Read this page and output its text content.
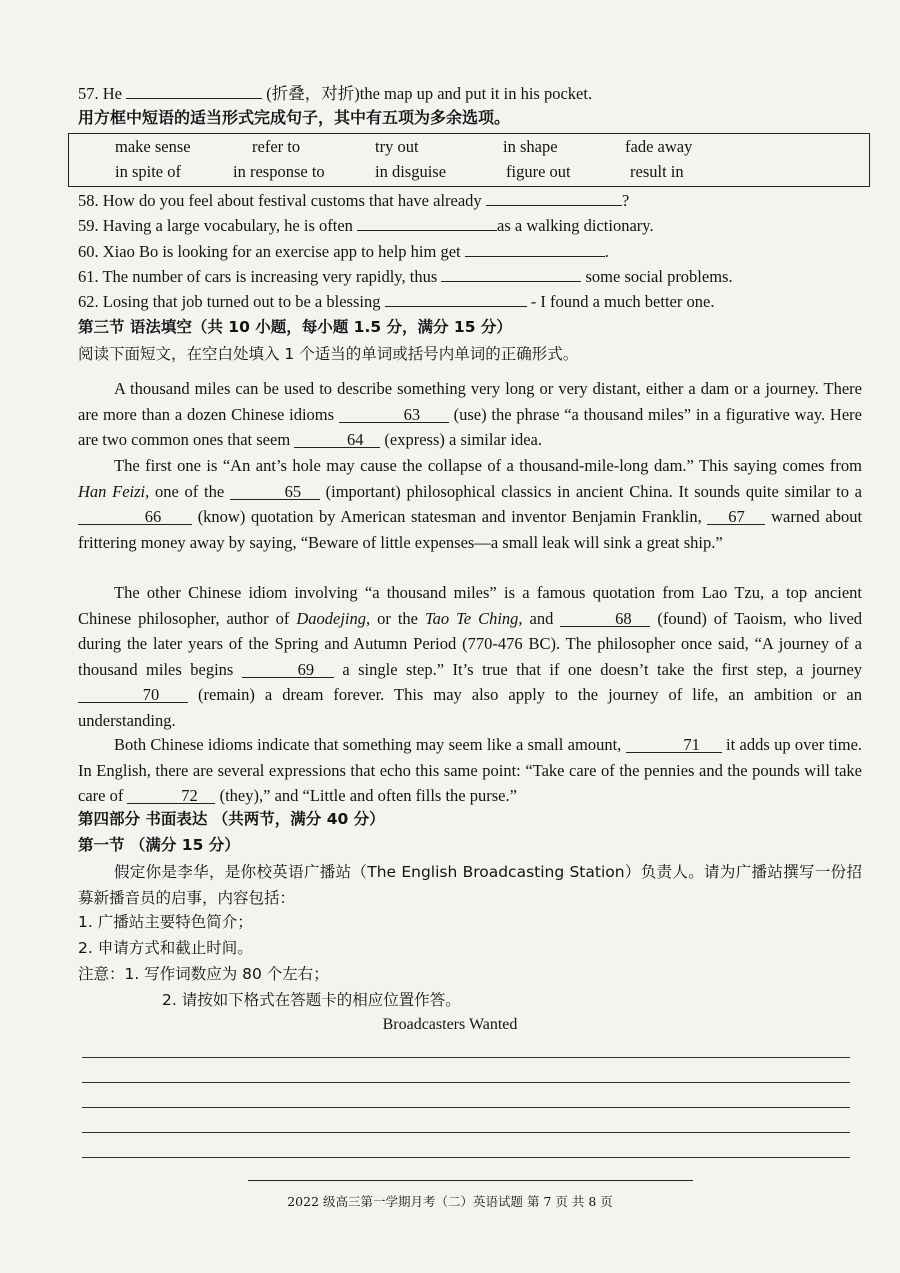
57. He	(折叠，对折)the map up and put it in his pocket.
用方框中短语的适当形式完成句子，其中有五项为多余选项。
make sense	refer to	try out	in shape	fade away
in spite of	in response to	in disguise	figure out	result in
58. How do you feel about festival customs that have already	?
59. Having a large vocabulary, he is often	as a walking dictionary.
60. Xiao Bo is looking for an exercise app to help him get	.
61. The number of cars is increasing very rapidly, thus	some social problems.
62. Losing that job turned out to be a blessing	- I found a much better one.
第三节 语法填空（共 10 小题，每小题 1.5 分，满分 15 分）
阅读下面短文，在空白处填入 1 个适当的单词或括号内单词的正确形式。
A thousand miles can be used to describe something very long or very distant, either a dam or a journey. There are more than a dozen Chinese idioms	63 (use) the phrase “a thousand miles” in a figurative way. Here are two common ones that seem	64 (express) a similar idea.
The first one is “An ant’s hole may cause the collapse of a thousand-mile-long dam.” This saying comes from Han Feizi, one of the	65 (important) philosophical classics in ancient China. It sounds quite similar to a 66 (know) quotation by American statesman and inventor Benjamin Franklin, 67 warned about frittering money away by saying, “Beware of little expenses—a small leak will sink a great ship.”
The other Chinese idiom involving “a thousand miles” is a famous quotation from Lao Tzu, a top ancient Chinese philosopher, author of Daodejing, or the Tao Te Ching, and	68 (found) of Taoism, who lived during the later years of the Spring and Autumn Period (770-476 BC). The philosopher once said, “A journey of a thousand miles begins	69 a single step.” It’s true that if one doesn’t take the first step, a journey 70 (remain) a dream forever. This may also apply to the journey of life, an ambition or an understanding.
Both Chinese idioms indicate that something may seem like a small amount,	71 it adds up over time. In English, there are several expressions that echo this same point: “Take care of the pennies and the pounds will take care of	72 (they),” and “Little and often fills the purse.”
第四部分 书面表达 （共两节，满分 40 分）
第一节 （满分 15 分）
假定你是李华，是你校英语广播站（The English Broadcasting Station）负责人。请为广播站撰写一份招募新播音员的启事，内容包括：
1. 广播站主要特色简介；
2. 申请方式和截止时间。
注意：1. 写作词数应为 80 个左右；
2. 请按如下格式在答题卡的相应位置作答。
Broadcasters Wanted
2022 级高三第一学期月考（二）英语试题 第 7 页 共 8 页
